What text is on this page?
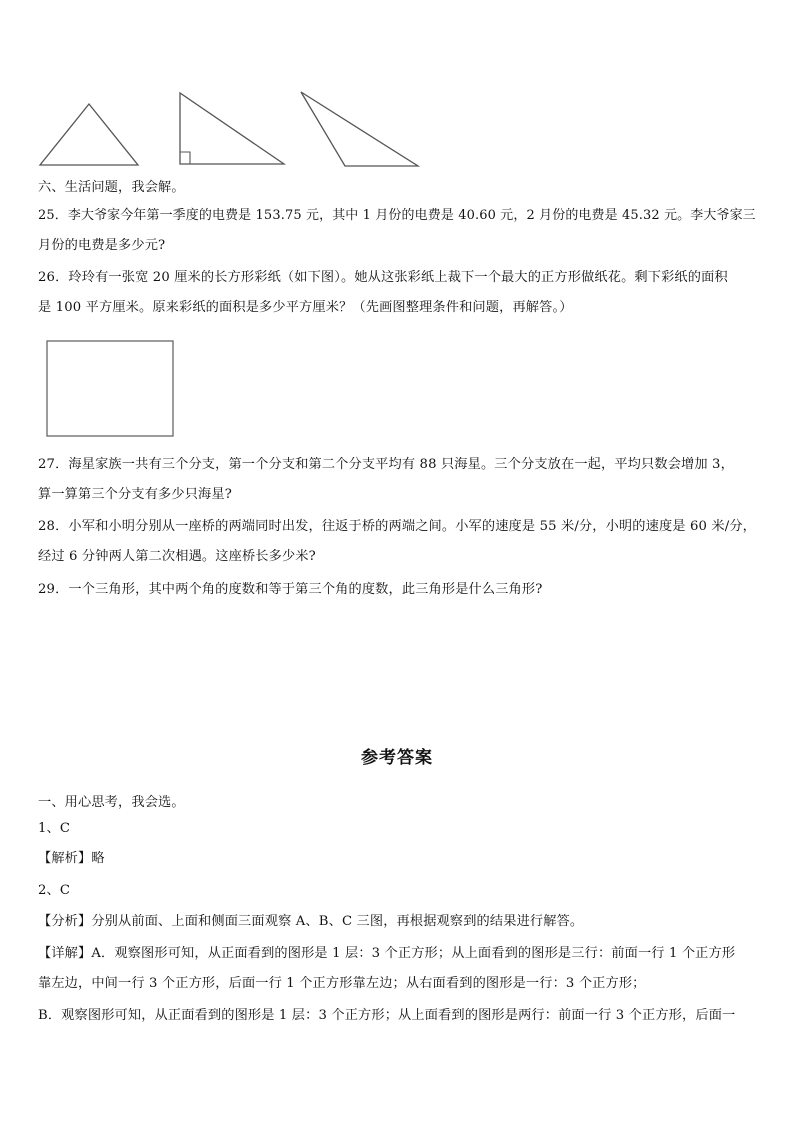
六、生活问题，我会解。
25．李大爷家今年第一季度的电费是 153.75 元，其中 1 月份的电费是 40.60 元，2 月份的电费是 45.32 元。李大爷家三
月份的电费是多少元?
26．玲玲有一张宽 20 厘米的长方形彩纸（如下图）。她从这张彩纸上裁下一个最大的正方形做纸花。剩下彩纸的面积
是 100 平方厘米。原来彩纸的面积是多少平方厘米？（先画图整理条件和问题，再解答。）
27．海星家族一共有三个分支，第一个分支和第二个分支平均有 88 只海星。三个分支放在一起，平均只数会增加 3，
算一算第三个分支有多少只海星?
28．小军和小明分别从一座桥的两端同时出发，往返于桥的两端之间。小军的速度是 55 米/分，小明的速度是 60 米/分，
经过 6 分钟两人第二次相遇。这座桥长多少米?
29．一个三角形，其中两个角的度数和等于第三个角的度数，此三角形是什么三角形?
参考答案
一、用心思考，我会选。
1、C
【解析】略
2、C
【分析】分别从前面、上面和侧面三面观察 A、B、C 三图，再根据观察到的结果进行解答。
【详解】A．观察图形可知，从正面看到的图形是 1 层：3 个正方形；从上面看到的图形是三行：前面一行 1 个正方形
靠左边，中间一行 3 个正方形，后面一行 1 个正方形靠左边；从右面看到的图形是一行：3 个正方形；
B．观察图形可知，从正面看到的图形是 1 层：3 个正方形；从上面看到的图形是两行：前面一行 3 个正方形，后面一
